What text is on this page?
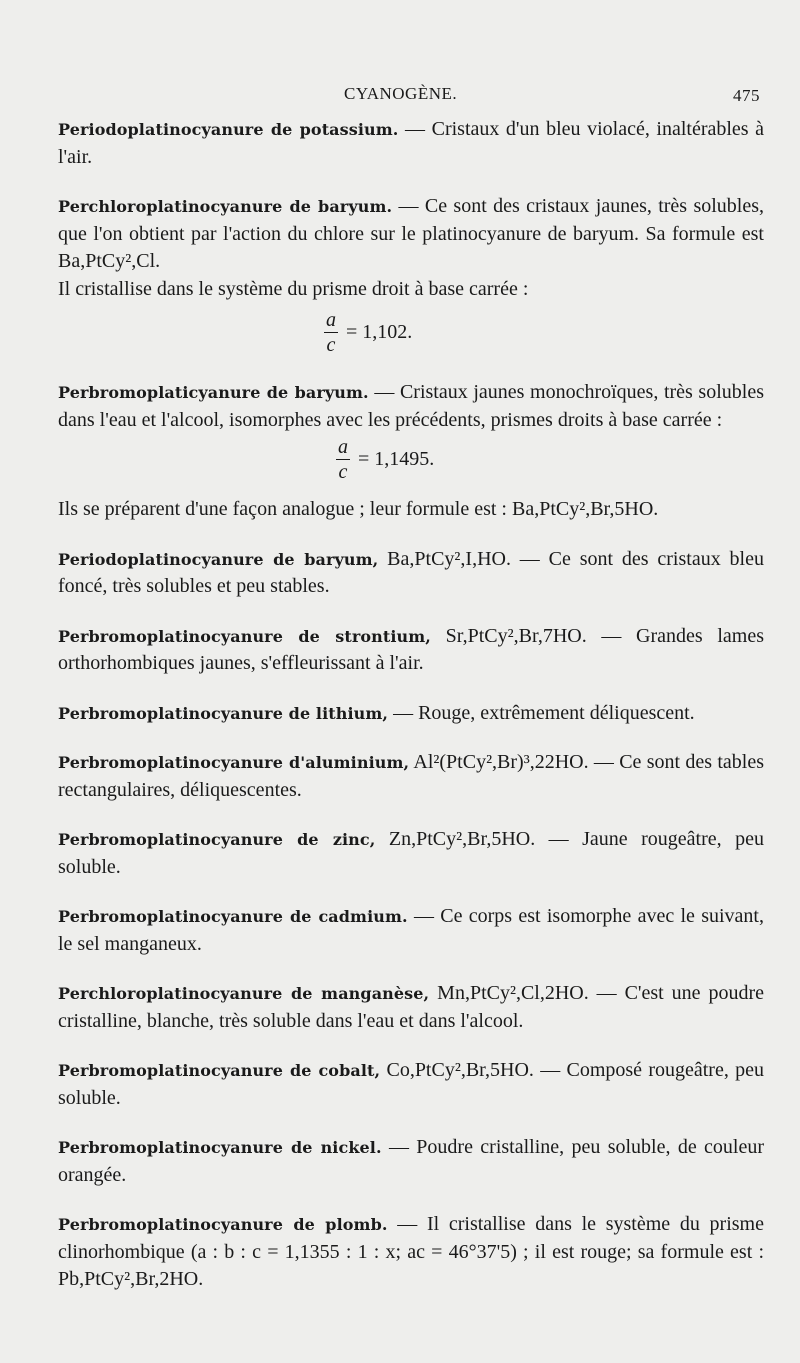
CYANOGÈNE.	475

Periodoplatinocyanure de potassium. — Cristaux d'un bleu violacé, inaltérables à l'air.

Perchloroplatinocyanure de baryum. — Ce sont des cristaux jaunes, très solubles, que l'on obtient par l'action du chlore sur le platinocyanure de baryum. Sa formule est Ba,PtCy²,Cl.

Il cristallise dans le système du prisme droit à base carrée :

a
c
= 1,102.

Perbromoplaticyanure de baryum. — Cristaux jaunes monochroïques, très solubles dans l'eau et l'alcool, isomorphes avec les précédents, prismes droits à base carrée :

a
c
= 1,1495.

Ils se préparent d'une façon analogue ; leur formule est : Ba,PtCy²,Br,5HO.

Periodoplatinocyanure de baryum, Ba,PtCy²,I,HO. — Ce sont des cristaux bleu foncé, très solubles et peu stables.

Perbromoplatinocyanure de strontium, Sr,PtCy²,Br,7HO. — Grandes lames orthorhombiques jaunes, s'effleurissant à l'air.

Perbromoplatinocyanure de lithium, — Rouge, extrêmement déliquescent.

Perbromoplatinocyanure d'aluminium, Al²(PtCy²,Br)³,22HO. — Ce sont des tables rectangulaires, déliquescentes.

Perbromoplatinocyanure de zinc, Zn,PtCy²,Br,5HO. — Jaune rougeâtre, peu soluble.

Perbromoplatinocyanure de cadmium. — Ce corps est isomorphe avec le suivant, le sel manganeux.

Perchloroplatinocyanure de manganèse, Mn,PtCy²,Cl,2HO. — C'est une poudre cristalline, blanche, très soluble dans l'eau et dans l'alcool.

Perbromoplatinocyanure de cobalt, Co,PtCy²,Br,5HO. — Composé rougeâtre, peu soluble.

Perbromoplatinocyanure de nickel. — Poudre cristalline, peu soluble, de couleur orangée.

Perbromoplatinocyanure de plomb. — Il cristallise dans le système du prisme clinorhombique (a : b : c = 1,1355 : 1 : x; ac = 46°37'5) ; il est rouge; sa formule est : Pb,PtCy²,Br,2HO.
